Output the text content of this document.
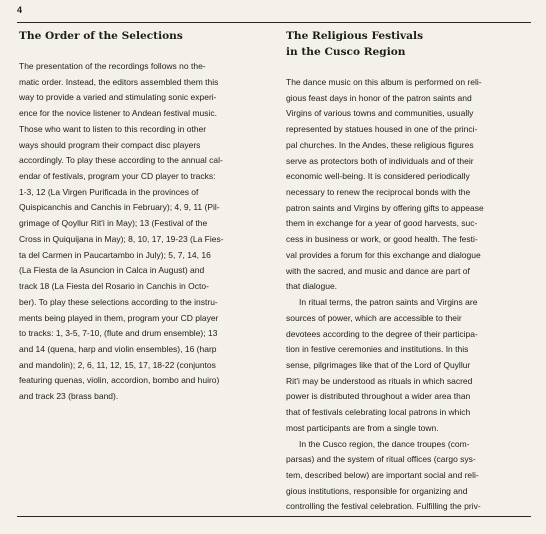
4
The Order of the Selections

The presentation of the recordings follows no the-
matic order. Instead, the editors assembled them this
way to provide a varied and stimulating sonic experi-
ence for the novice listener to Andean festival music.
Those who want to listen to this recording in other
ways should program their compact disc players
accordingly. To play these according to the annual cal-
endar of festivals, program your CD player to tracks:
1-3, 12 (La Virgen Purificada in the provinces of
Quispicanchis and Canchis in February); 4, 9, 11 (Pil-
grimage of Qoyllur Rit'i in May); 13 (Festival of the
Cross in Quiquijana in May); 8, 10, 17, 19-23 (La Fies-
ta del Carmen in Paucartambo in July); 5, 7, 14, 16
(La Fiesta de la Asuncion in Calca in August) and
track 18 (La Fiesta del Rosario in Canchis in Octo-
ber). To play these selections according to the instru-
ments being played in them, program your CD player
to tracks: 1, 3-5, 7-10, (flute and drum ensemble); 13
and 14 (quena, harp and violin ensembles), 16 (harp
and mandolin); 2, 6, 11, 12, 15, 17, 18-22 (conjuntos
featuring quenas, violin, accordion, bombo and huiro)
and track 23 (brass band).

The Religious Festivals
in the Cusco Region

The dance music on this album is performed on reli-
gious feast days in honor of the patron saints and
Virgins of various towns and communities, usually
represented by statues housed in one of the princi-
pal churches. In the Andes, these religious figures
serve as protectors both of individuals and of their
economic well-being. It is considered periodically
necessary to renew the reciprocal bonds with the
patron saints and Virgins by offering gifts to appease
them in exchange for a year of good harvests, suc-
cess in business or work, or good health. The festi-
val provides a forum for this exchange and dialogue
with the sacred, and music and dance are part of
that dialogue.

In ritual terms, the patron saints and Virgins are
sources of power, which are accessible to their
devotees according to the degree of their participa-
tion in festive ceremonies and institutions. In this
sense, pilgrimages like that of the Lord of Quyllur
Rit'i may be understood as rituals in which sacred
power is distributed throughout a wider area than
that of festivals celebrating local patrons in which
most participants are from a single town.

In the Cusco region, the dance troupes (com-
parsas) and the system of ritual offices (cargo sys-
tem, described below) are important social and reli-
gious institutions, responsible for organizing and
controlling the festival celebration. Fulfilling the priv-
